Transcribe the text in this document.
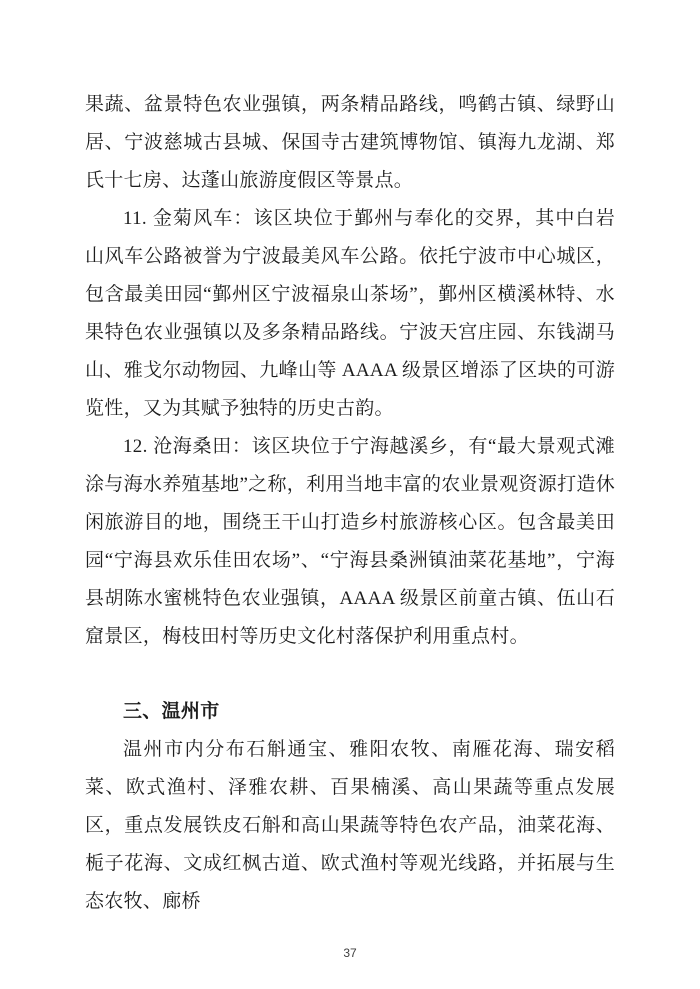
果蔬、盆景特色农业强镇，两条精品路线，鸣鹤古镇、绿野山居、宁波慈城古县城、保国寺古建筑博物馆、镇海九龙湖、郑氏十七房、达蓬山旅游度假区等景点。

11. 金菊风车：该区块位于鄞州与奉化的交界，其中白岩山风车公路被誉为宁波最美风车公路。依托宁波市中心城区，包含最美田园“鄞州区宁波福泉山茶场”，鄞州区横溪林特、水果特色农业强镇以及多条精品路线。宁波天宫庄园、东钱湖马山、雅戈尔动物园、九峰山等 AAAA 级景区增添了区块的可游览性，又为其赋予独特的历史古韵。

12. 沧海桑田：该区块位于宁海越溪乡，有“最大景观式滩涂与海水养殖基地”之称，利用当地丰富的农业景观资源打造休闲旅游目的地，围绕王干山打造乡村旅游核心区。包含最美田园“宁海县欢乐佳田农场”、“宁海县桑洲镇油菜花基地”，宁海县胡陈水蜜桃特色农业强镇，AAAA 级景区前童古镇、伍山石窟景区，梅枝田村等历史文化村落保护利用重点村。

三、温州市

温州市内分布石斛通宝、雅阳农牧、南雁花海、瑞安稻菜、欧式渔村、泽雅农耕、百果楠溪、高山果蔬等重点发展区，重点发展铁皮石斛和高山果蔬等特色农产品，油菜花海、栀子花海、文成红枫古道、欧式渔村等观光线路，并拓展与生态农牧、廊桥

37
